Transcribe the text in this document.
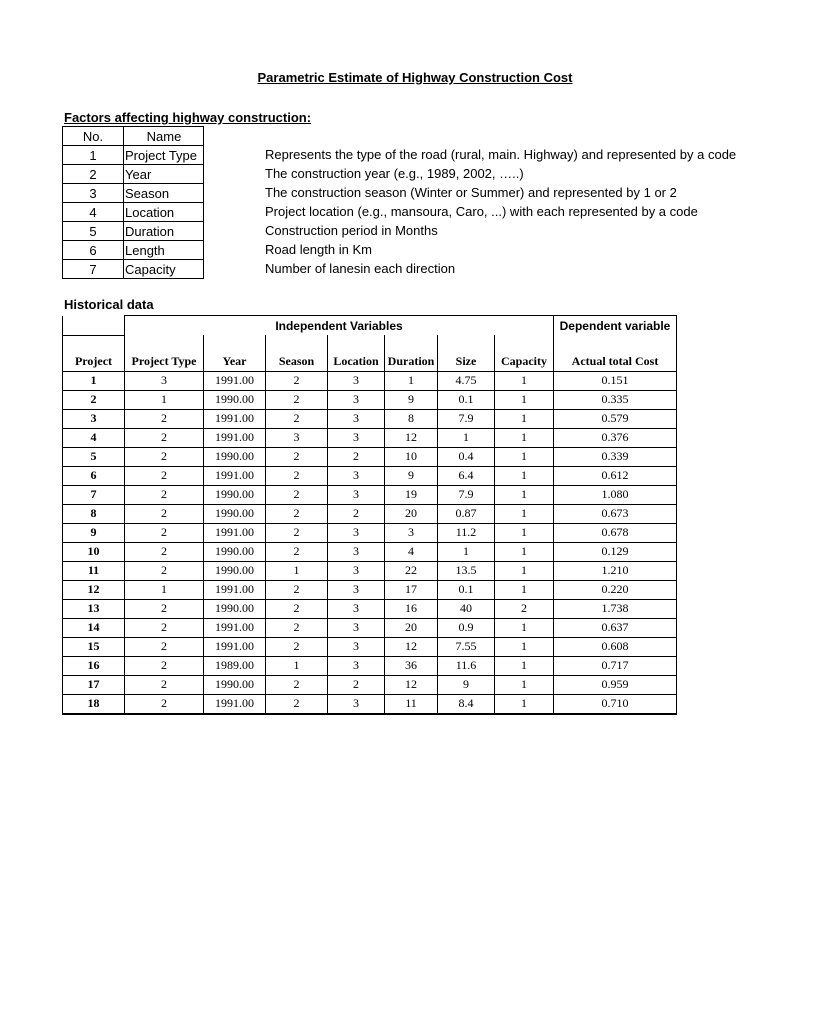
Parametric Estimate of Highway Construction Cost
Factors affecting highway construction:
No.	Name
1	Project Type
2	Year
3	Season
4	Location
5	Duration
6	Length
7	Capacity
Represents the type of the road (rural, main. Highway) and represented by a code
The construction year (e.g., 1989, 2002, …..)
The construction season (Winter or Summer) and represented by 1 or 2
Project location (e.g., mansoura, Caro, ...) with each represented by a code
Construction period in Months
Road length in Km
Number of lanesin each direction
Historical data
	Independent Variables							Dependent variable
Project	Project Type	Year	Season	Location	Duration	Size	Capacity	Actual total Cost
1	3	1991.00	2	3	1	4.75	1	0.151
2	1	1990.00	2	3	9	0.1	1	0.335
3	2	1991.00	2	3	8	7.9	1	0.579
4	2	1991.00	3	3	12	1	1	0.376
5	2	1990.00	2	2	10	0.4	1	0.339
6	2	1991.00	2	3	9	6.4	1	0.612
7	2	1990.00	2	3	19	7.9	1	1.080
8	2	1990.00	2	2	20	0.87	1	0.673
9	2	1991.00	2	3	3	11.2	1	0.678
10	2	1990.00	2	3	4	1	1	0.129
11	2	1990.00	1	3	22	13.5	1	1.210
12	1	1991.00	2	3	17	0.1	1	0.220
13	2	1990.00	2	3	16	40	2	1.738
14	2	1991.00	2	3	20	0.9	1	0.637
15	2	1991.00	2	3	12	7.55	1	0.608
16	2	1989.00	1	3	36	11.6	1	0.717
17	2	1990.00	2	2	12	9	1	0.959
18	2	1991.00	2	3	11	8.4	1	0.710
